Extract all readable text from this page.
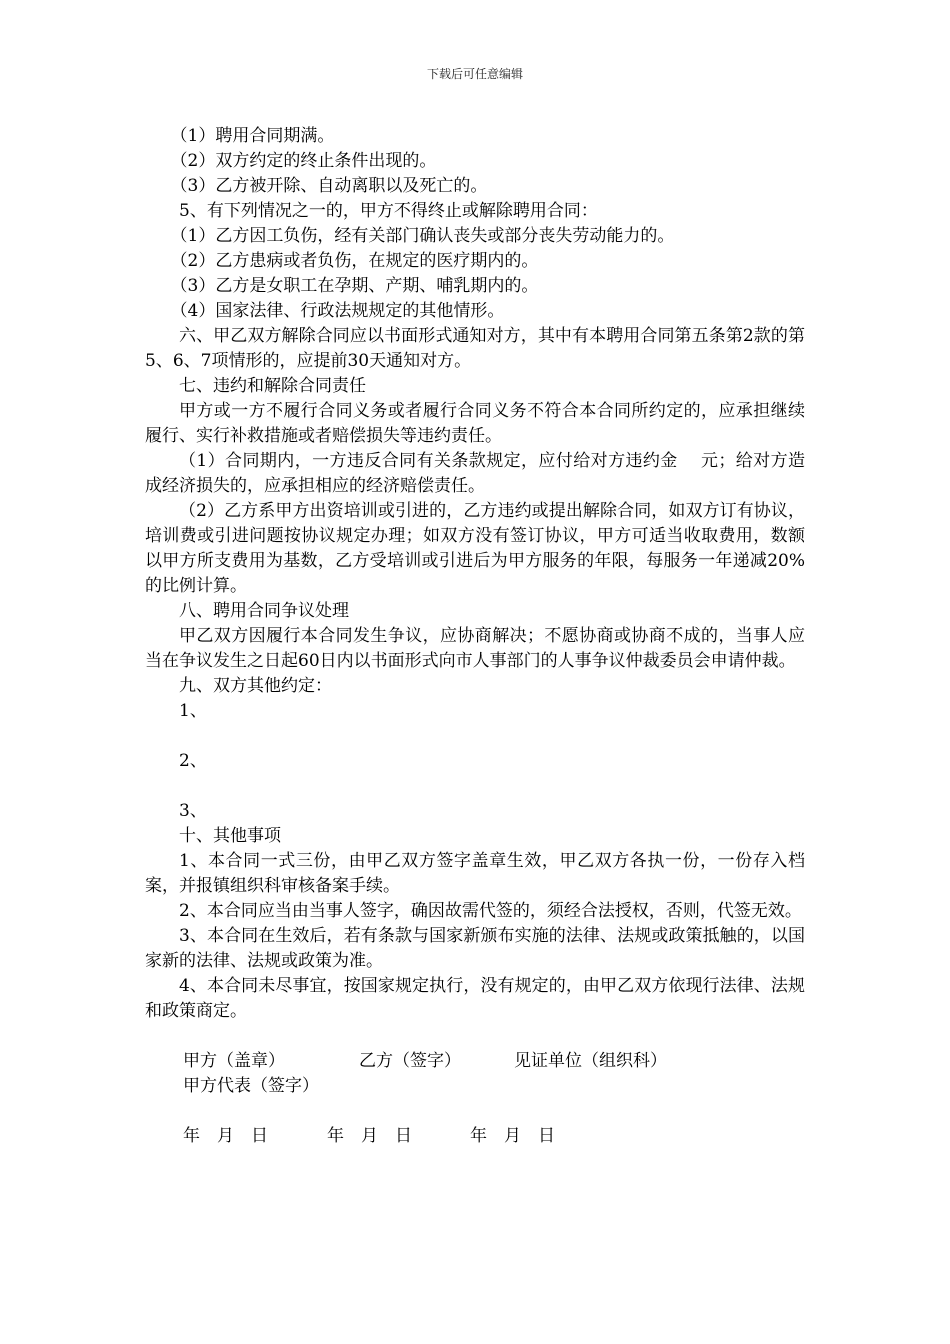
下载后可任意编辑

（1）聘用合同期满。

（2）双方约定的终止条件出现的。

（3）乙方被开除、自动离职以及死亡的。

5、有下列情况之一的，甲方不得终止或解除聘用合同：

（1）乙方因工负伤，经有关部门确认丧失或部分丧失劳动能力的。

（2）乙方患病或者负伤，在规定的医疗期内的。

（3）乙方是女职工在孕期、产期、哺乳期内的。

（4）国家法律、行政法规规定的其他情形。

六、甲乙双方解除合同应以书面形式通知对方，其中有本聘用合同第五条第2款的第5、6、7项情形的，应提前30天通知对方。

七、违约和解除合同责任

甲方或一方不履行合同义务或者履行合同义务不符合本合同所约定的，应承担继续履行、实行补救措施或者赔偿损失等违约责任。

（1）合同期内，一方违反合同有关条款规定，应付给对方违约金　 元；给对方造成经济损失的，应承担相应的经济赔偿责任。

（2）乙方系甲方出资培训或引进的，乙方违约或提出解除合同，如双方订有协议，培训费或引进问题按协议规定办理；如双方没有签订协议，甲方可适当收取费用，数额以甲方所支费用为基数，乙方受培训或引进后为甲方服务的年限，每服务一年递减20%的比例计算。

八、聘用合同争议处理

甲乙双方因履行本合同发生争议，应协商解决；不愿协商或协商不成的，当事人应当在争议发生之日起60日内以书面形式向市人事部门的人事争议仲裁委员会申请仲裁。

九、双方其他约定：

1、

2、

3、

十、其他事项

1、本合同一式三份，由甲乙双方签字盖章生效，甲乙双方各执一份，一份存入档案，并报镇组织科审核备案手续。

2、本合同应当由当事人签字，确因故需代签的，须经合法授权，否则，代签无效。

3、本合同在生效后，若有条款与国家新颁布实施的法律、法规或政策抵触的，以国家新的法律、法规或政策为准。

4、本合同未尽事宜，按国家规定执行，没有规定的，由甲乙双方依现行法律、法规和政策商定。

甲方（盖章）	乙方（签字）	见证单位（组织科）
甲方代表（签字）
年　月　日	年　月　日	年　月　日
